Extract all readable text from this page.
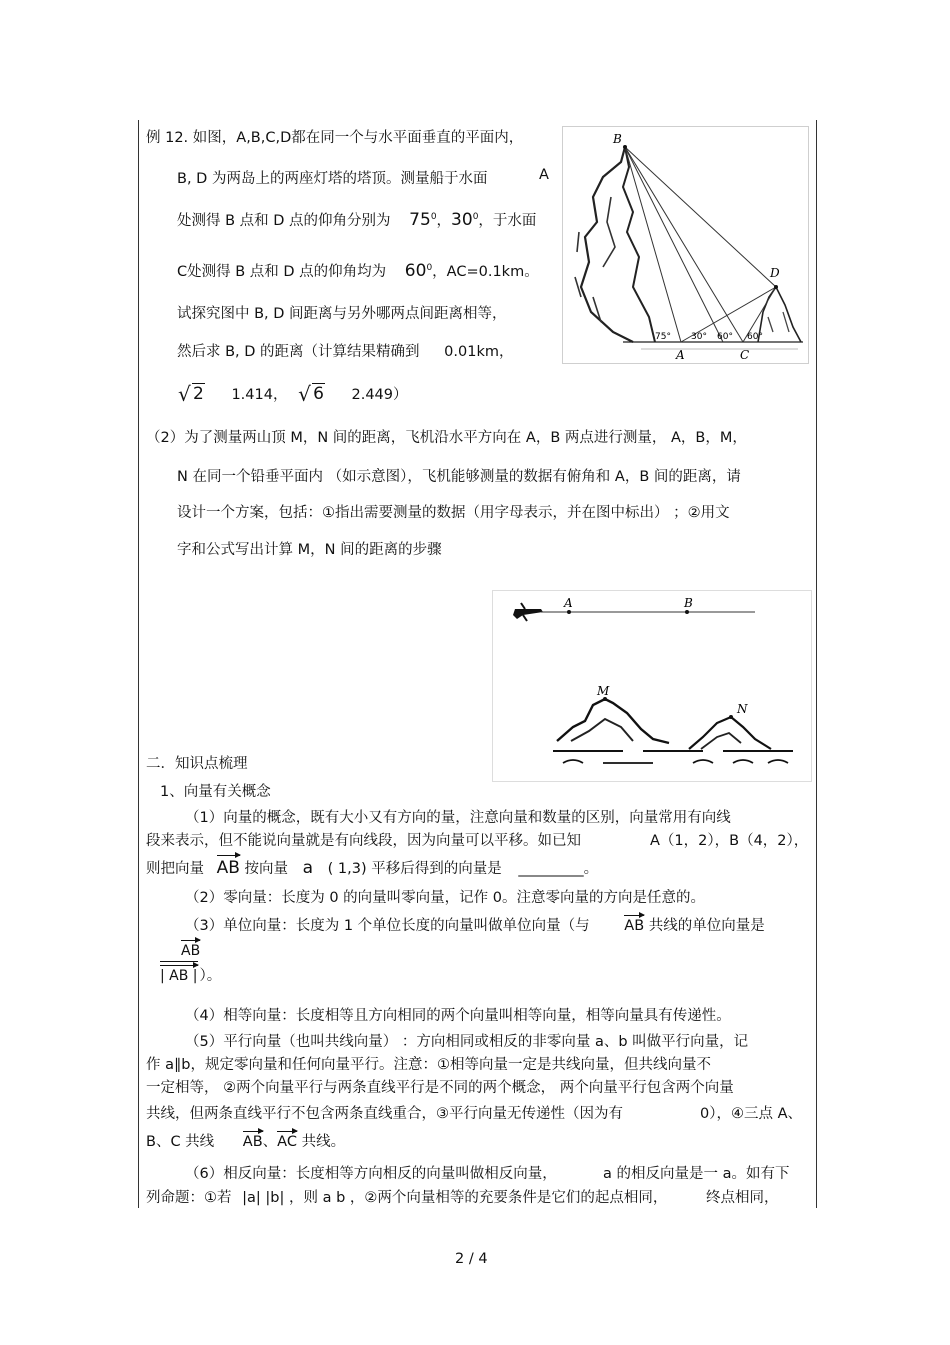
例 12. 如图，A,B,C,D都在同一个与水平面垂直的平面内，
B, D 为两岛上的两座灯塔的塔顶。测量船于水面	A
处测得 B 点和 D 点的仰角分别为 $75^0$，$30^0$，于水面
C处测得 B 点和 D 点的仰角均为 $60^0$，AC=0.1km。
试探究图中 B, D 间距离与另外哪两点间距离相等，
然后求 B, D 的距离（计算结果精确到 0.01km，
√ 2 1.414， √ 6 2.449）
B
D
A	C
75° 30° 60° 60°
（2）为了测量两山顶 M，N 间的距离，飞机沿水平方向在 A，B 两点进行测量， A，B，M，
N 在同一个铅垂平面内 （如示意图），飞机能够测量的数据有俯角和 A，B 间的距离，请
设计一个方案，包括：①指出需要测量的数据（用字母表示，并在图中标出） ；②用文
字和公式写出计算 M，N 间的距离的步骤
A	B
M
N
二．知识点梳理
1、向量有关概念
（1）向量的概念，既有大小又有方向的量，注意向量和数量的区别，向量常用有向线
段来表示，但不能说向量就是有向线段，因为向量可以平移。如已知	A（1，2），B（4，2），
则把向量 AB 按向量 a ( 1,3) 平移后得到的向量是 _________。
（2）零向量：长度为 0 的向量叫零向量，记作 0。注意零向量的方向是任意的。
（3）单位向量：长度为 1 个单位长度的向量叫做单位向量（与 AB 共线的单位向量是
AB
| AB | ）。
（4）相等向量：长度相等且方向相同的两个向量叫相等向量，相等向量具有传递性。
（5）平行向量（也叫共线向量） ：方向相同或相反的非零向量 a、b 叫做平行向量，记
作 a∥b，规定零向量和任何向量平行。注意：①相等向量一定是共线向量，但共线向量不
一定相等， ②两个向量平行与两条直线平行是不同的两个概念， 两个向量平行包含两个向量
共线，但两条直线平行不包含两条直线重合，③平行向量无传递性（因为有	0），④三点 A、
B、C 共线 AB、AC 共线。
（6）相反向量：长度相等方向相反的向量叫做相反向量，	a 的相反向量是一 a。如有下
列命题：①若 |a| |b| ，则 a b ，②两个向量相等的充要条件是它们的起点相同，	终点相同，
2 / 4
